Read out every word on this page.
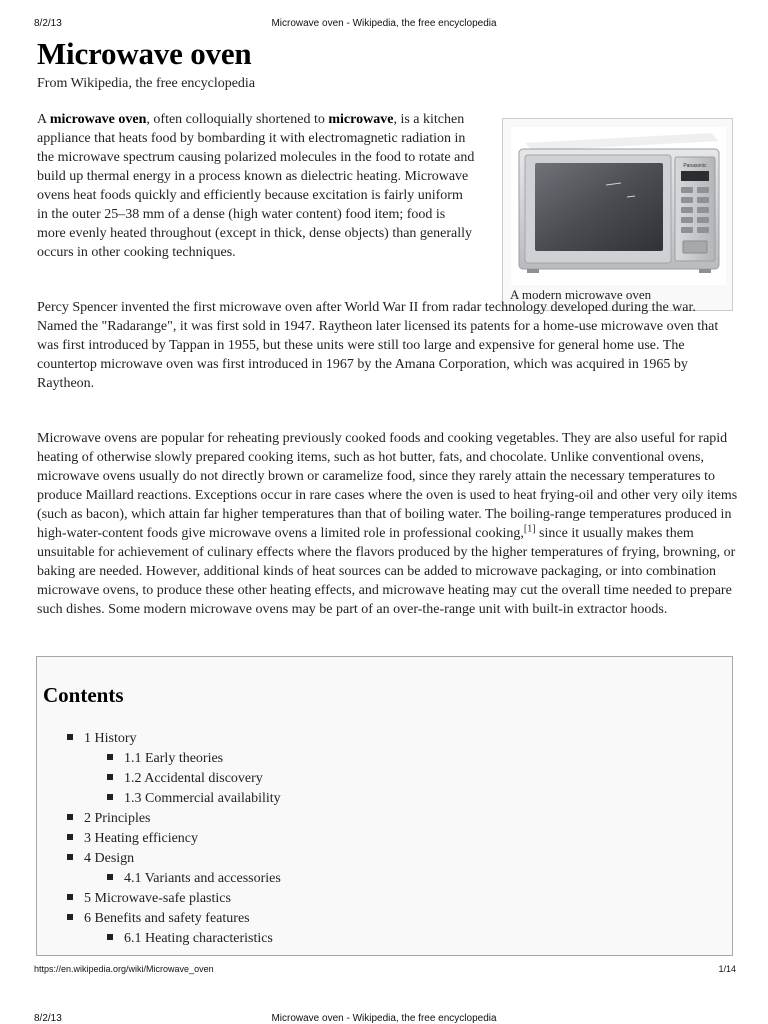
8/2/13	Microwave oven - Wikipedia, the free encyclopedia
Microwave oven
From Wikipedia, the free encyclopedia

A microwave oven, often colloquially shortened to microwave, is a kitchen appliance that heats food by bombarding it with electromagnetic radiation in the microwave spectrum causing polarized molecules in the food to rotate and build up thermal energy in a process known as dielectric heating. Microwave ovens heat foods quickly and efficiently because excitation is fairly uniform in the outer 25–38 mm of a dense (high water content) food item; food is more evenly heated throughout (except in thick, dense objects) than generally occurs in other cooking techniques.

Panasonic
A modern microwave oven

Percy Spencer invented the first microwave oven after World War II from radar technology developed during the war. Named the "Radarange", it was first sold in 1947. Raytheon later licensed its patents for a home-use microwave oven that was first introduced by Tappan in 1955, but these units were still too large and expensive for general home use. The countertop microwave oven was first introduced in 1967 by the Amana Corporation, which was acquired in 1965 by Raytheon.

Microwave ovens are popular for reheating previously cooked foods and cooking vegetables. They are also useful for rapid heating of otherwise slowly prepared cooking items, such as hot butter, fats, and chocolate. Unlike conventional ovens, microwave ovens usually do not directly brown or caramelize food, since they rarely attain the necessary temperatures to produce Maillard reactions. Exceptions occur in rare cases where the oven is used to heat frying-oil and other very oily items (such as bacon), which attain far higher temperatures than that of boiling water. The boiling-range temperatures produced in high-water-content foods give microwave ovens a limited role in professional cooking,[1] since it usually makes them unsuitable for achievement of culinary effects where the flavors produced by the higher temperatures of frying, browning, or baking are needed. However, additional kinds of heat sources can be added to microwave packaging, or into combination microwave ovens, to produce these other heating effects, and microwave heating may cut the overall time needed to prepare such dishes. Some modern microwave ovens may be part of an over-the-range unit with built-in extractor hoods.

Contents
1 History
1.1 Early theories
1.2 Accidental discovery
1.3 Commercial availability
2 Principles
3 Heating efficiency
4 Design
4.1 Variants and accessories
5 Microwave-safe plastics
6 Benefits and safety features
6.1 Heating characteristics
https://en.wikipedia.org/wiki/Microwave_oven	1/14
8/2/13	Microwave oven - Wikipedia, the free encyclopedia
